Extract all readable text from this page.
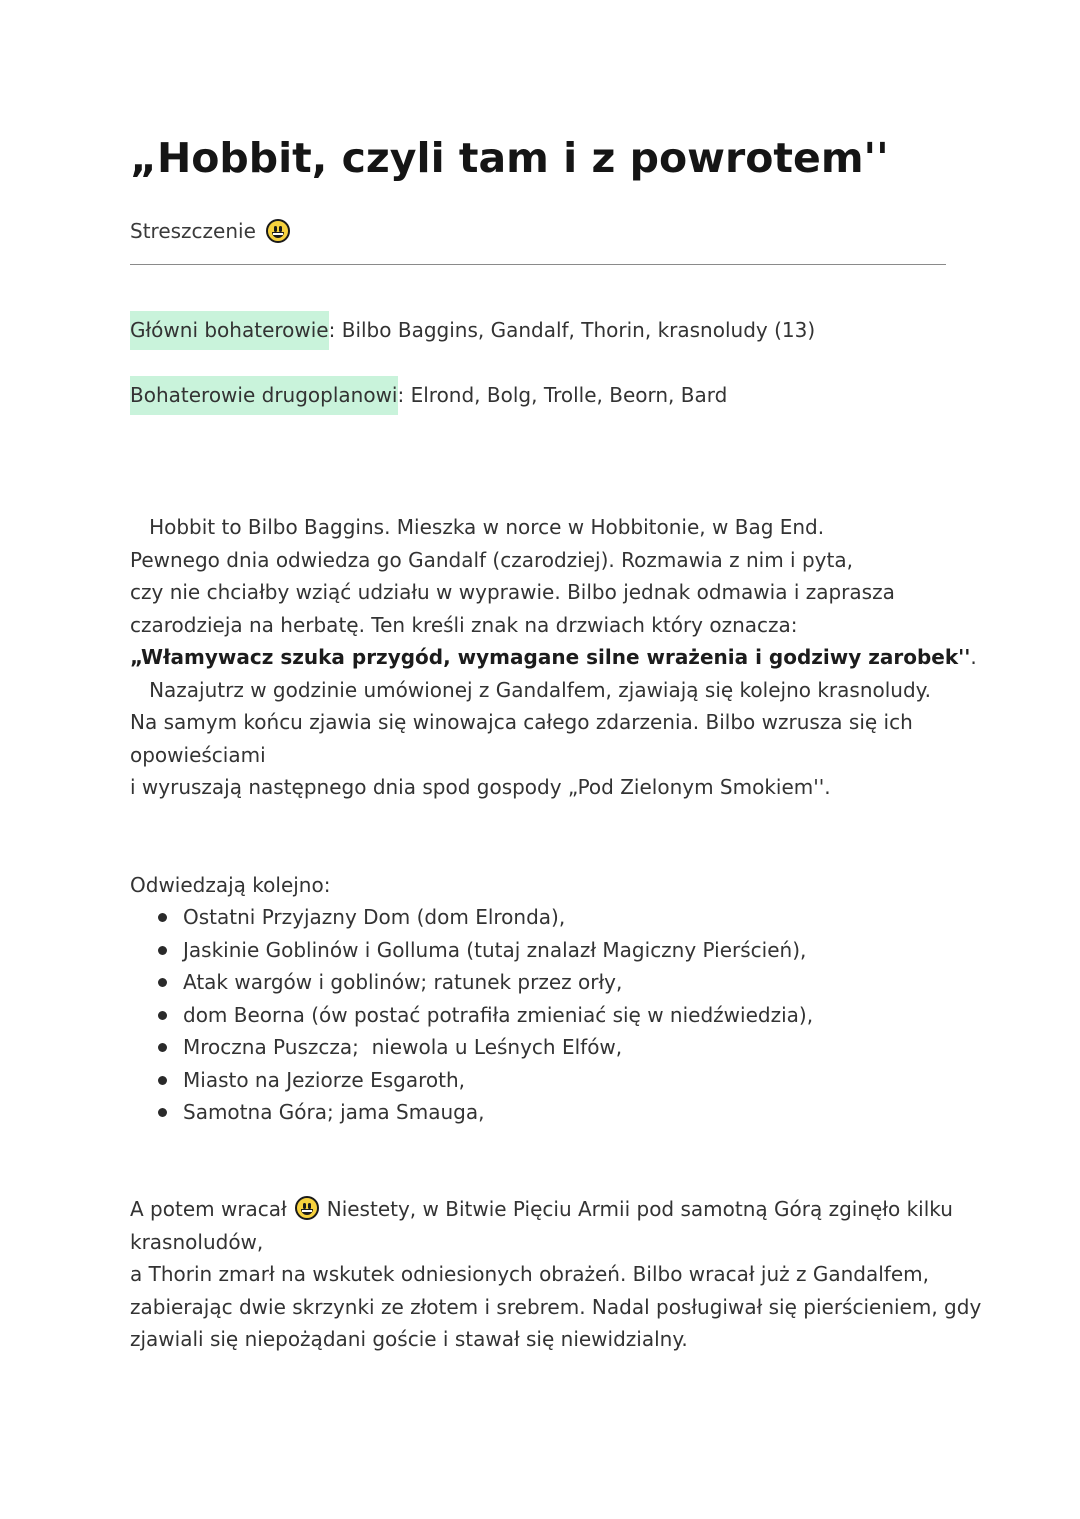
„Hobbit, czyli tam i z powrotem''
Streszczenie
Główni bohaterowie: Bilbo Baggins, Gandalf, Thorin, krasnoludy (13)
Bohaterowie drugoplanowi: Elrond, Bolg, Trolle, Beorn, Bard
Hobbit to Bilbo Baggins. Mieszka w norce w Hobbitonie, w Bag End.
Pewnego dnia odwiedza go Gandalf (czarodziej). Rozmawia z nim i pyta,
czy nie chciałby wziąć udziału w wyprawie. Bilbo jednak odmawia i zaprasza
czarodzieja na herbatę. Ten kreśli znak na drzwiach który oznacza:
„Włamywacz szuka przygód, wymagane silne wrażenia i godziwy zarobek''.
Nazajutrz w godzinie umówionej z Gandalfem, zjawiają się kolejno krasnoludy.
Na samym końcu zjawia się winowajca całego zdarzenia. Bilbo wzrusza się ich
opowieściami
i wyruszają następnego dnia spod gospody „Pod Zielonym Smokiem''.
Odwiedzają kolejno:
Ostatni Przyjazny Dom (dom Elronda),
Jaskinie Goblinów i Golluma (tutaj znalazł Magiczny Pierścień),
Atak wargów i goblinów; ratunek przez orły,
dom Beorna (ów postać potrafiła zmieniać się w niedźwiedzia),
Mroczna Puszcza;  niewola u Leśnych Elfów,
Miasto na Jeziorze Esgaroth,
Samotna Góra; jama Smauga,
A potem wracał Niestety, w Bitwie Pięciu Armii pod samotną Górą zginęło kilku
krasnoludów,
a Thorin zmarł na wskutek odniesionych obrażeń. Bilbo wracał już z Gandalfem,
zabierając dwie skrzynki ze złotem i srebrem. Nadal posługiwał się pierścieniem, gdy
zjawiali się niepożądani goście i stawał się niewidzialny.
